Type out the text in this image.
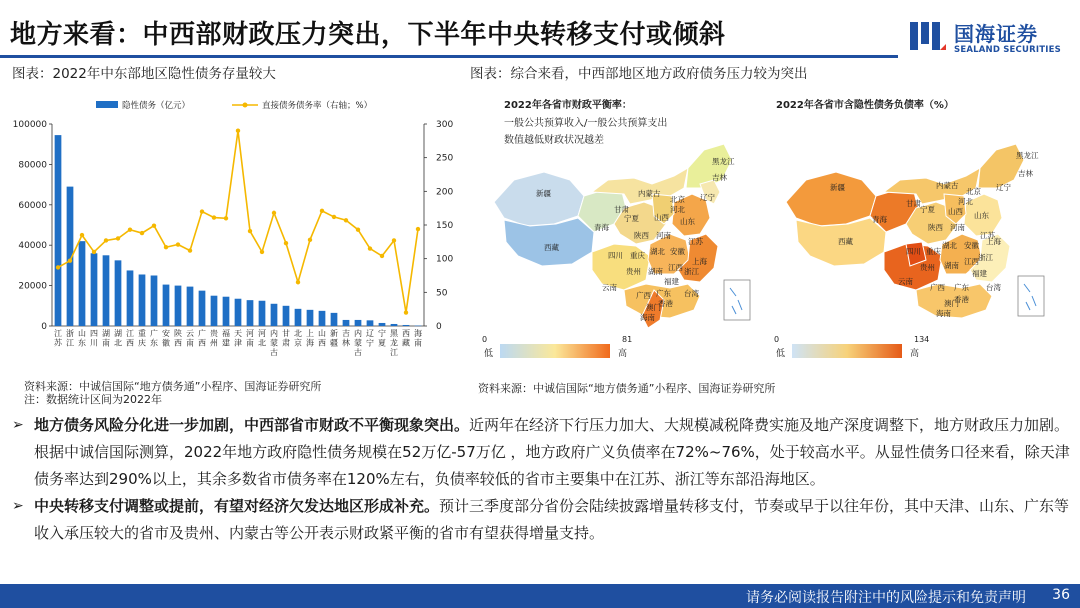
地方来看：中西部财政压力突出，下半年中央转移支付或倾斜	国海证券
SEALAND SECURITIES
图表：2022年中东部地区隐性债务存量较大	图表：综合来看，中西部地区地方政府债务压力较为突出
隐性债务（亿元）	直接债务债务率（右轴；%）
0
20000
40000
60000
80000
100000
0
50
100
150
200
250
300
江苏
浙江
山东
四川
湖南
湖北
江西
重庆
广东
安徽
陕西
云南
广西
贵州
福建
天津
河南
河北
内蒙古
甘肃
北京
上海
山西
新疆
吉林
内蒙古
辽宁
宁夏
黑龙江
西藏
海南
资料来源：中诚信国际“地方债务通”小程序、国海证券研究所
注：数据统计区间为2022年
2022年各省市财政平衡率：
一般公共预算收入/一般公共预算支出
数值越低财政状况越差
黑龙江
吉林
辽宁
内蒙古
新疆
西藏
青海
甘肃
宁夏
北京
河北
山西 山东
陕西 河南
江苏
安徽
湖北
四川 重庆
上海
浙江
贵州 湖南 江西
福建
云南
广西 广东 台湾
香港
澳门
海南
0	81
低	高
2022年各省市含隐性债务负债率（%）
黑龙江
吉林
辽宁
内蒙古
新疆
西藏
青海
甘肃
宁夏
北京
河北
山西 山东
陕西 河南
江苏
安徽
湖北	上海
四川 重庆
浙江
贵州 湖南 江西
福建
云南
广西 广东 台湾
香港
澳门
海南
0	134
低	高
资料来源：中诚信国际“地方债务通”小程序、国海证券研究所
➢ 地方债务风险分化进一步加剧，中西部省市财政不平衡现象突出。近两年在经济下行压力加大、大规模减税降费实施及地产深度调整下，地方财政压力加剧。根据中诚信国际测算，2022年地方政府隐性债务规模在52万亿-57万亿 ，地方政府广义负债率在72%~76%，处于较高水平。从显性债务口径来看，除天津债务率达到290%以上，其余多数省市债务率在120%左右，负债率较低的省市主要集中在江苏、浙江等东部沿海地区。
➢ 中央转移支付调整或提前，有望对经济欠发达地区形成补充。预计三季度部分省份会陆续披露增量转移支付，节奏或早于以往年份，其中天津、山东、广东等收入承压较大的省市及贵州、内蒙古等公开表示财政紧平衡的省市有望获得增量支持。
请务必阅读报告附注中的风险提示和免责声明 36
